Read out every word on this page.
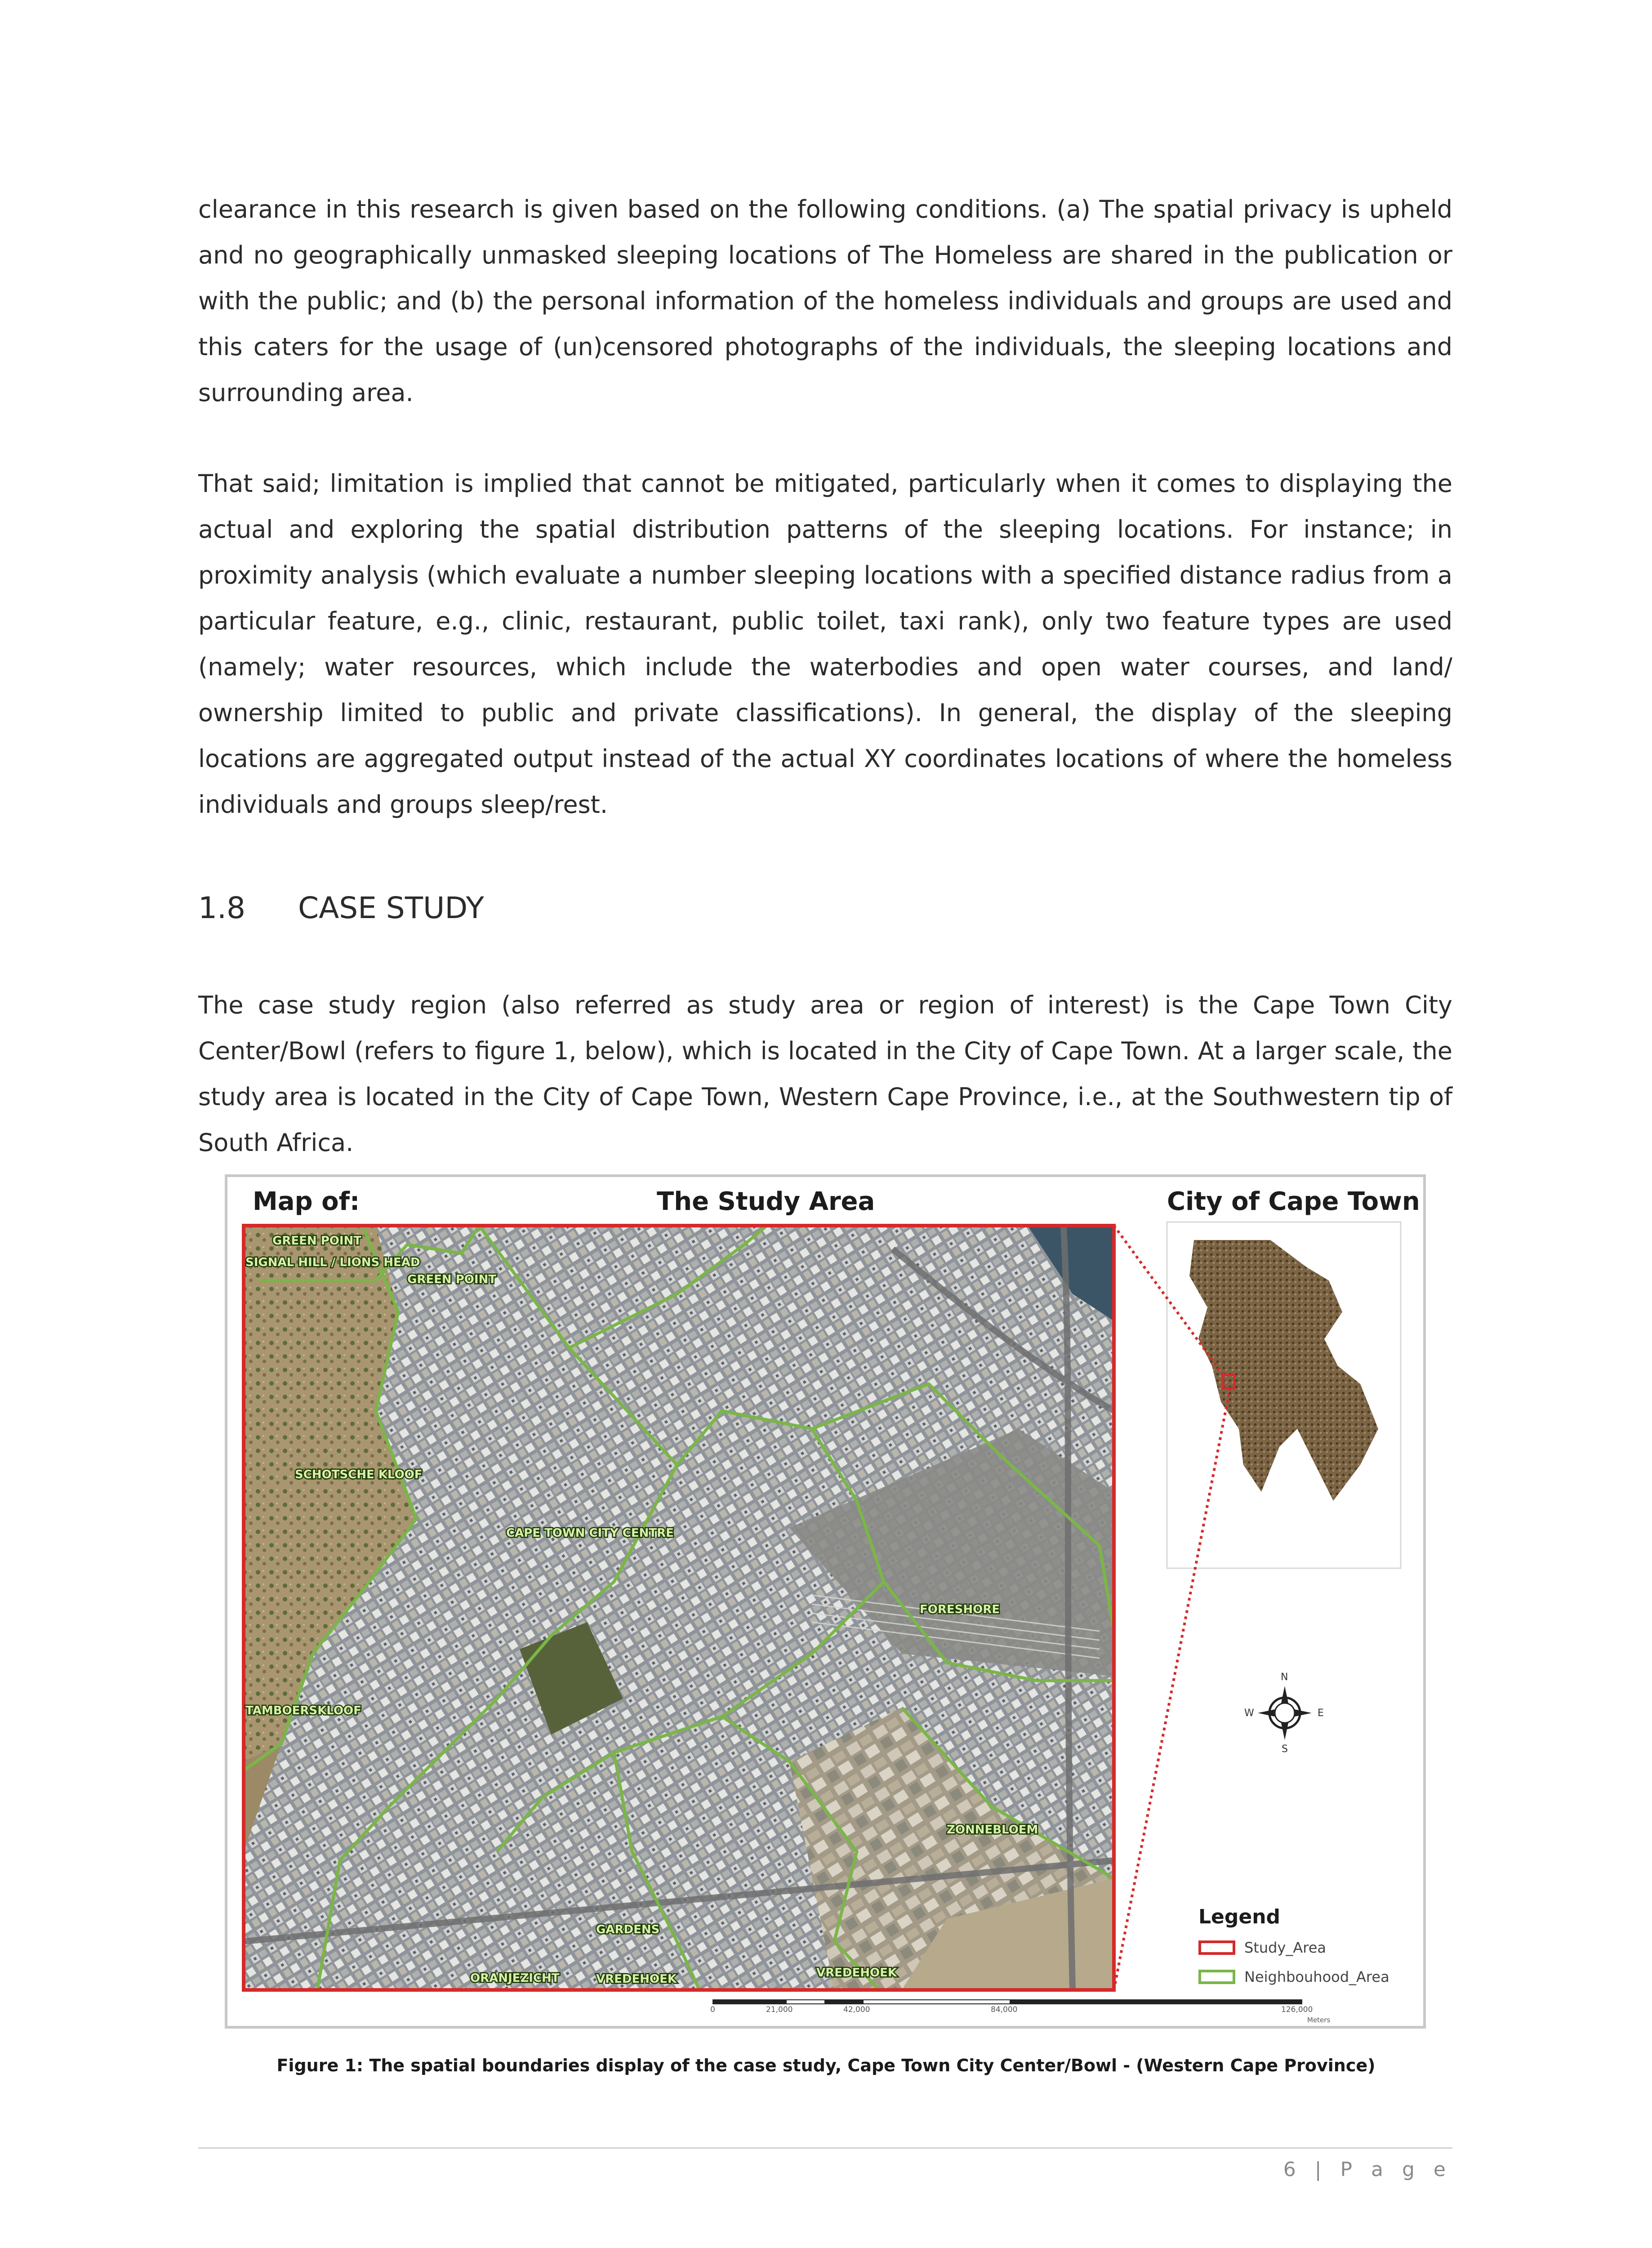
clearance in this research is given based on the following conditions. (a) The spatial privacy is upheld and no geographically unmasked sleeping locations of The Homeless are shared in the publication or with the public; and (b) the personal information of the homeless individuals and groups are used and this caters for the usage of (un)censored photographs of the individuals, the sleeping locations and surrounding area.

That said; limitation is implied that cannot be mitigated, particularly when it comes to displaying the actual and exploring the spatial distribution patterns of the sleeping locations. For instance; in proximity analysis (which evaluate a number sleeping locations with a specified distance radius from a particular feature, e.g., clinic, restaurant, public toilet, taxi rank), only two feature types are used (namely; water resources, which include the waterbodies and open water courses, and land/ ownership limited to public and private classifications). In general, the display of the sleeping locations are aggregated output instead of the actual XY coordinates locations of where the homeless individuals and groups sleep/rest.

1.8 CASE STUDY

The case study region (also referred as study area or region of interest) is the Cape Town City Center/Bowl (refers to figure 1, below), which is located in the City of Cape Town. At a larger scale, the study area is located in the City of Cape Town, Western Cape Province, i.e., at the Southwestern tip of South Africa.

GREEN POINT
SIGNAL HILL / LIONS HEAD
GREEN POINT
SCHOTSCHE KLOOF
CAPE TOWN CITY CENTRE
FORESHORE
TAMBOERSKLOOF
ZONNEBLOEM
GARDENS
ORANJEZICHT	VREDEHOEK	VREDEHOEK
Map of:	The Study Area	City of Cape Town
N
S
E
W
Legend
Study_Area
Neighbouhood_Area
0	21,000	42,000	84,000	126,000
Meters
Figure 1: The spatial boundaries display of the case study, Cape Town City Center/Bowl - (Western Cape Province)
6 | P a g e
